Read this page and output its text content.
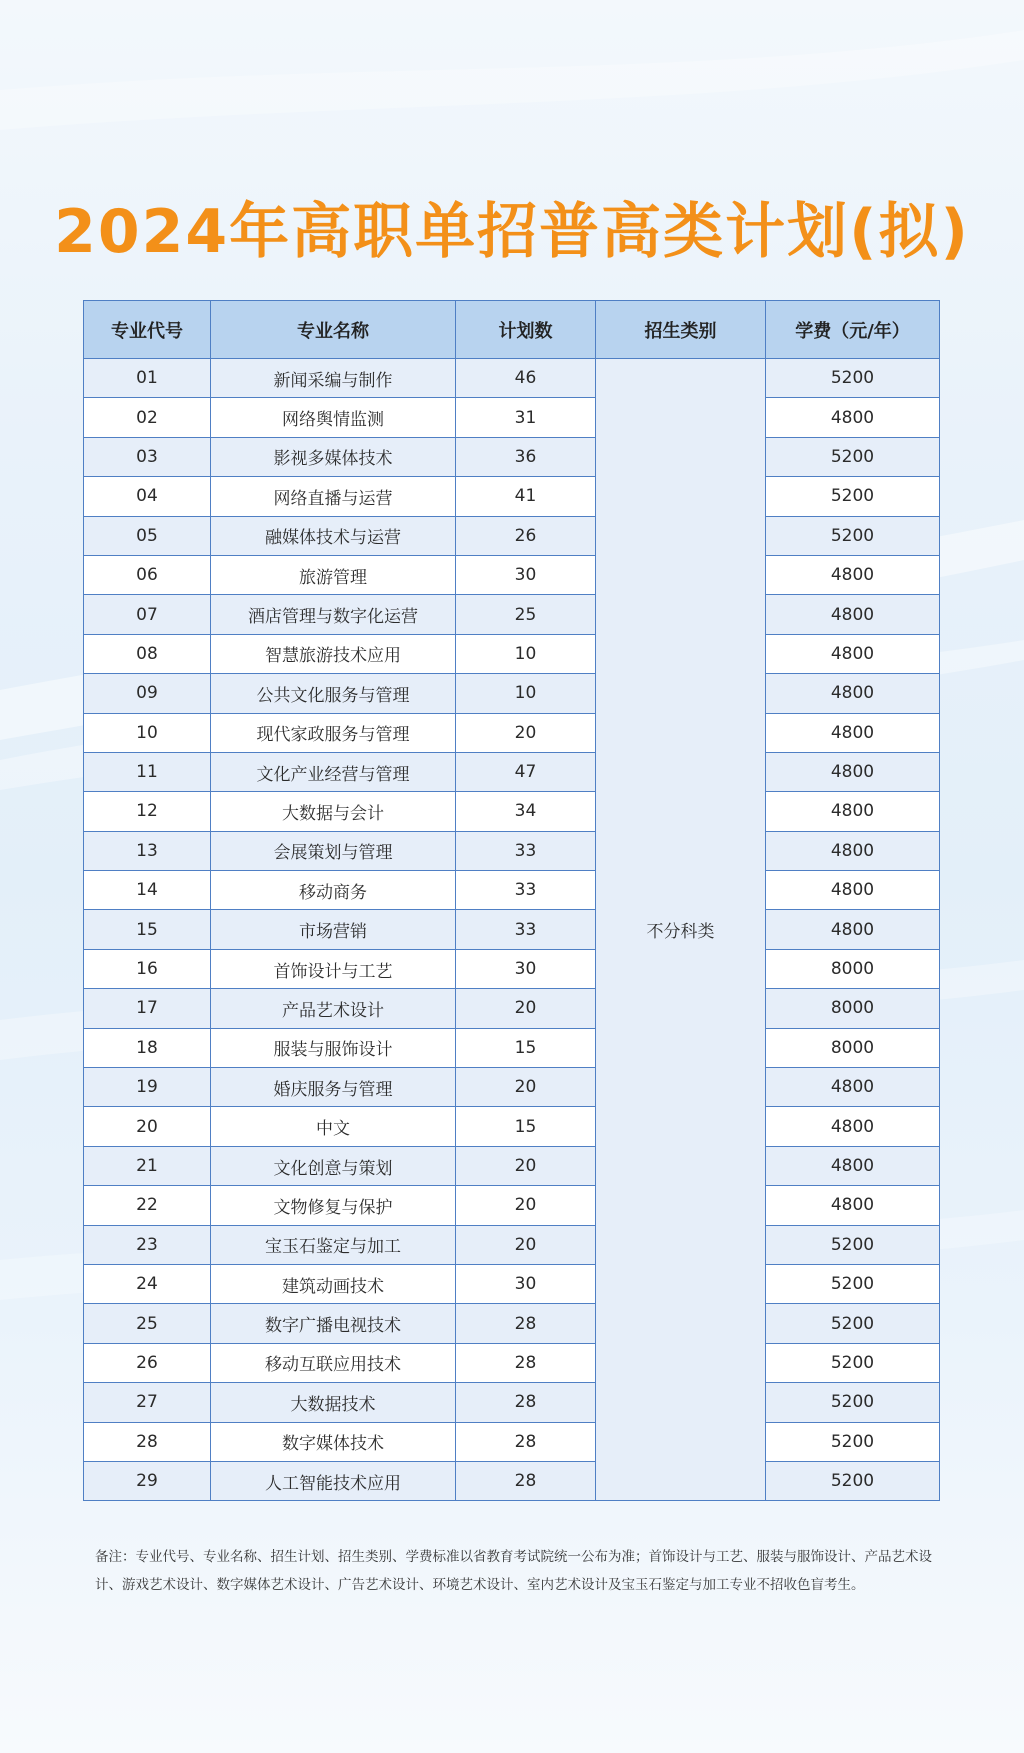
2024年高职单招普高类计划(拟)
专业代号	专业名称	计划数	招生类别	学费（元/年）
01	新闻采编与制作	46	不分科类	5200
02	网络舆情监测	31		4800
03	影视多媒体技术	36		5200
04	网络直播与运营	41		5200
05	融媒体技术与运营	26		5200
06	旅游管理	30		4800
07	酒店管理与数字化运营	25		4800
08	智慧旅游技术应用	10		4800
09	公共文化服务与管理	10		4800
10	现代家政服务与管理	20		4800
11	文化产业经营与管理	47		4800
12	大数据与会计	34		4800
13	会展策划与管理	33		4800
14	移动商务	33		4800
15	市场营销	33		4800
16	首饰设计与工艺	30		8000
17	产品艺术设计	20		8000
18	服装与服饰设计	15		8000
19	婚庆服务与管理	20		4800
20	中文	15		4800
21	文化创意与策划	20		4800
22	文物修复与保护	20		4800
23	宝玉石鉴定与加工	20		5200
24	建筑动画技术	30		5200
25	数字广播电视技术	28		5200
26	移动互联应用技术	28		5200
27	大数据技术	28		5200
28	数字媒体技术	28		5200
29	人工智能技术应用	28		5200
备注：专业代号、专业名称、招生计划、招生类别、学费标准以省教育考试院统一公布为准；首饰设计与工艺、服装与服饰设计、产品艺术设计、游戏艺术设计、数字媒体艺术设计、广告艺术设计、环境艺术设计、室内艺术设计及宝玉石鉴定与加工专业不招收色盲考生。
